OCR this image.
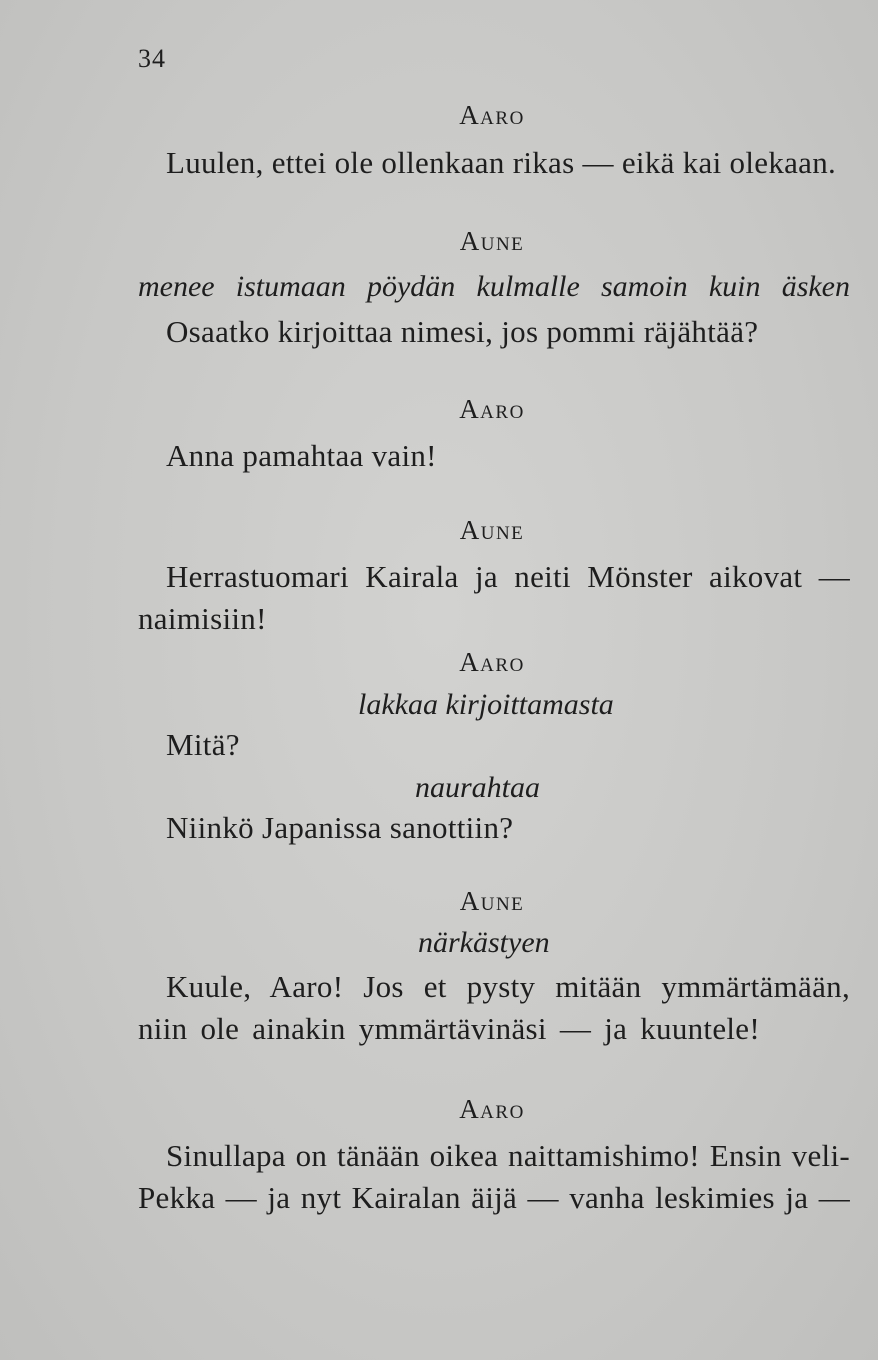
34
Aaro
Luulen, ettei ole ollenkaan rikas — eikä kai olekaan.
Aune
menee istumaan pöydän kulmalle samoin kuin äsken
Osaatko kirjoittaa nimesi, jos pommi räjähtää?
Aaro
Anna pamahtaa vain!
Aune
Herrastuomari Kairala ja neiti Mönster aikovat —
naimisiin!
Aaro
lakkaa kirjoittamasta
Mitä?
naurahtaa
Niinkö Japanissa sanottiin?
Aune
närkästyen
Kuule, Aaro! Jos et pysty mitään ymmärtämään,
niin ole ainakin ymmärtävinäsi — ja kuuntele!
Aaro
Sinullapa on tänään oikea naittamishimo! Ensin veli-
Pekka — ja nyt Kairalan äijä — vanha leskimies ja —
